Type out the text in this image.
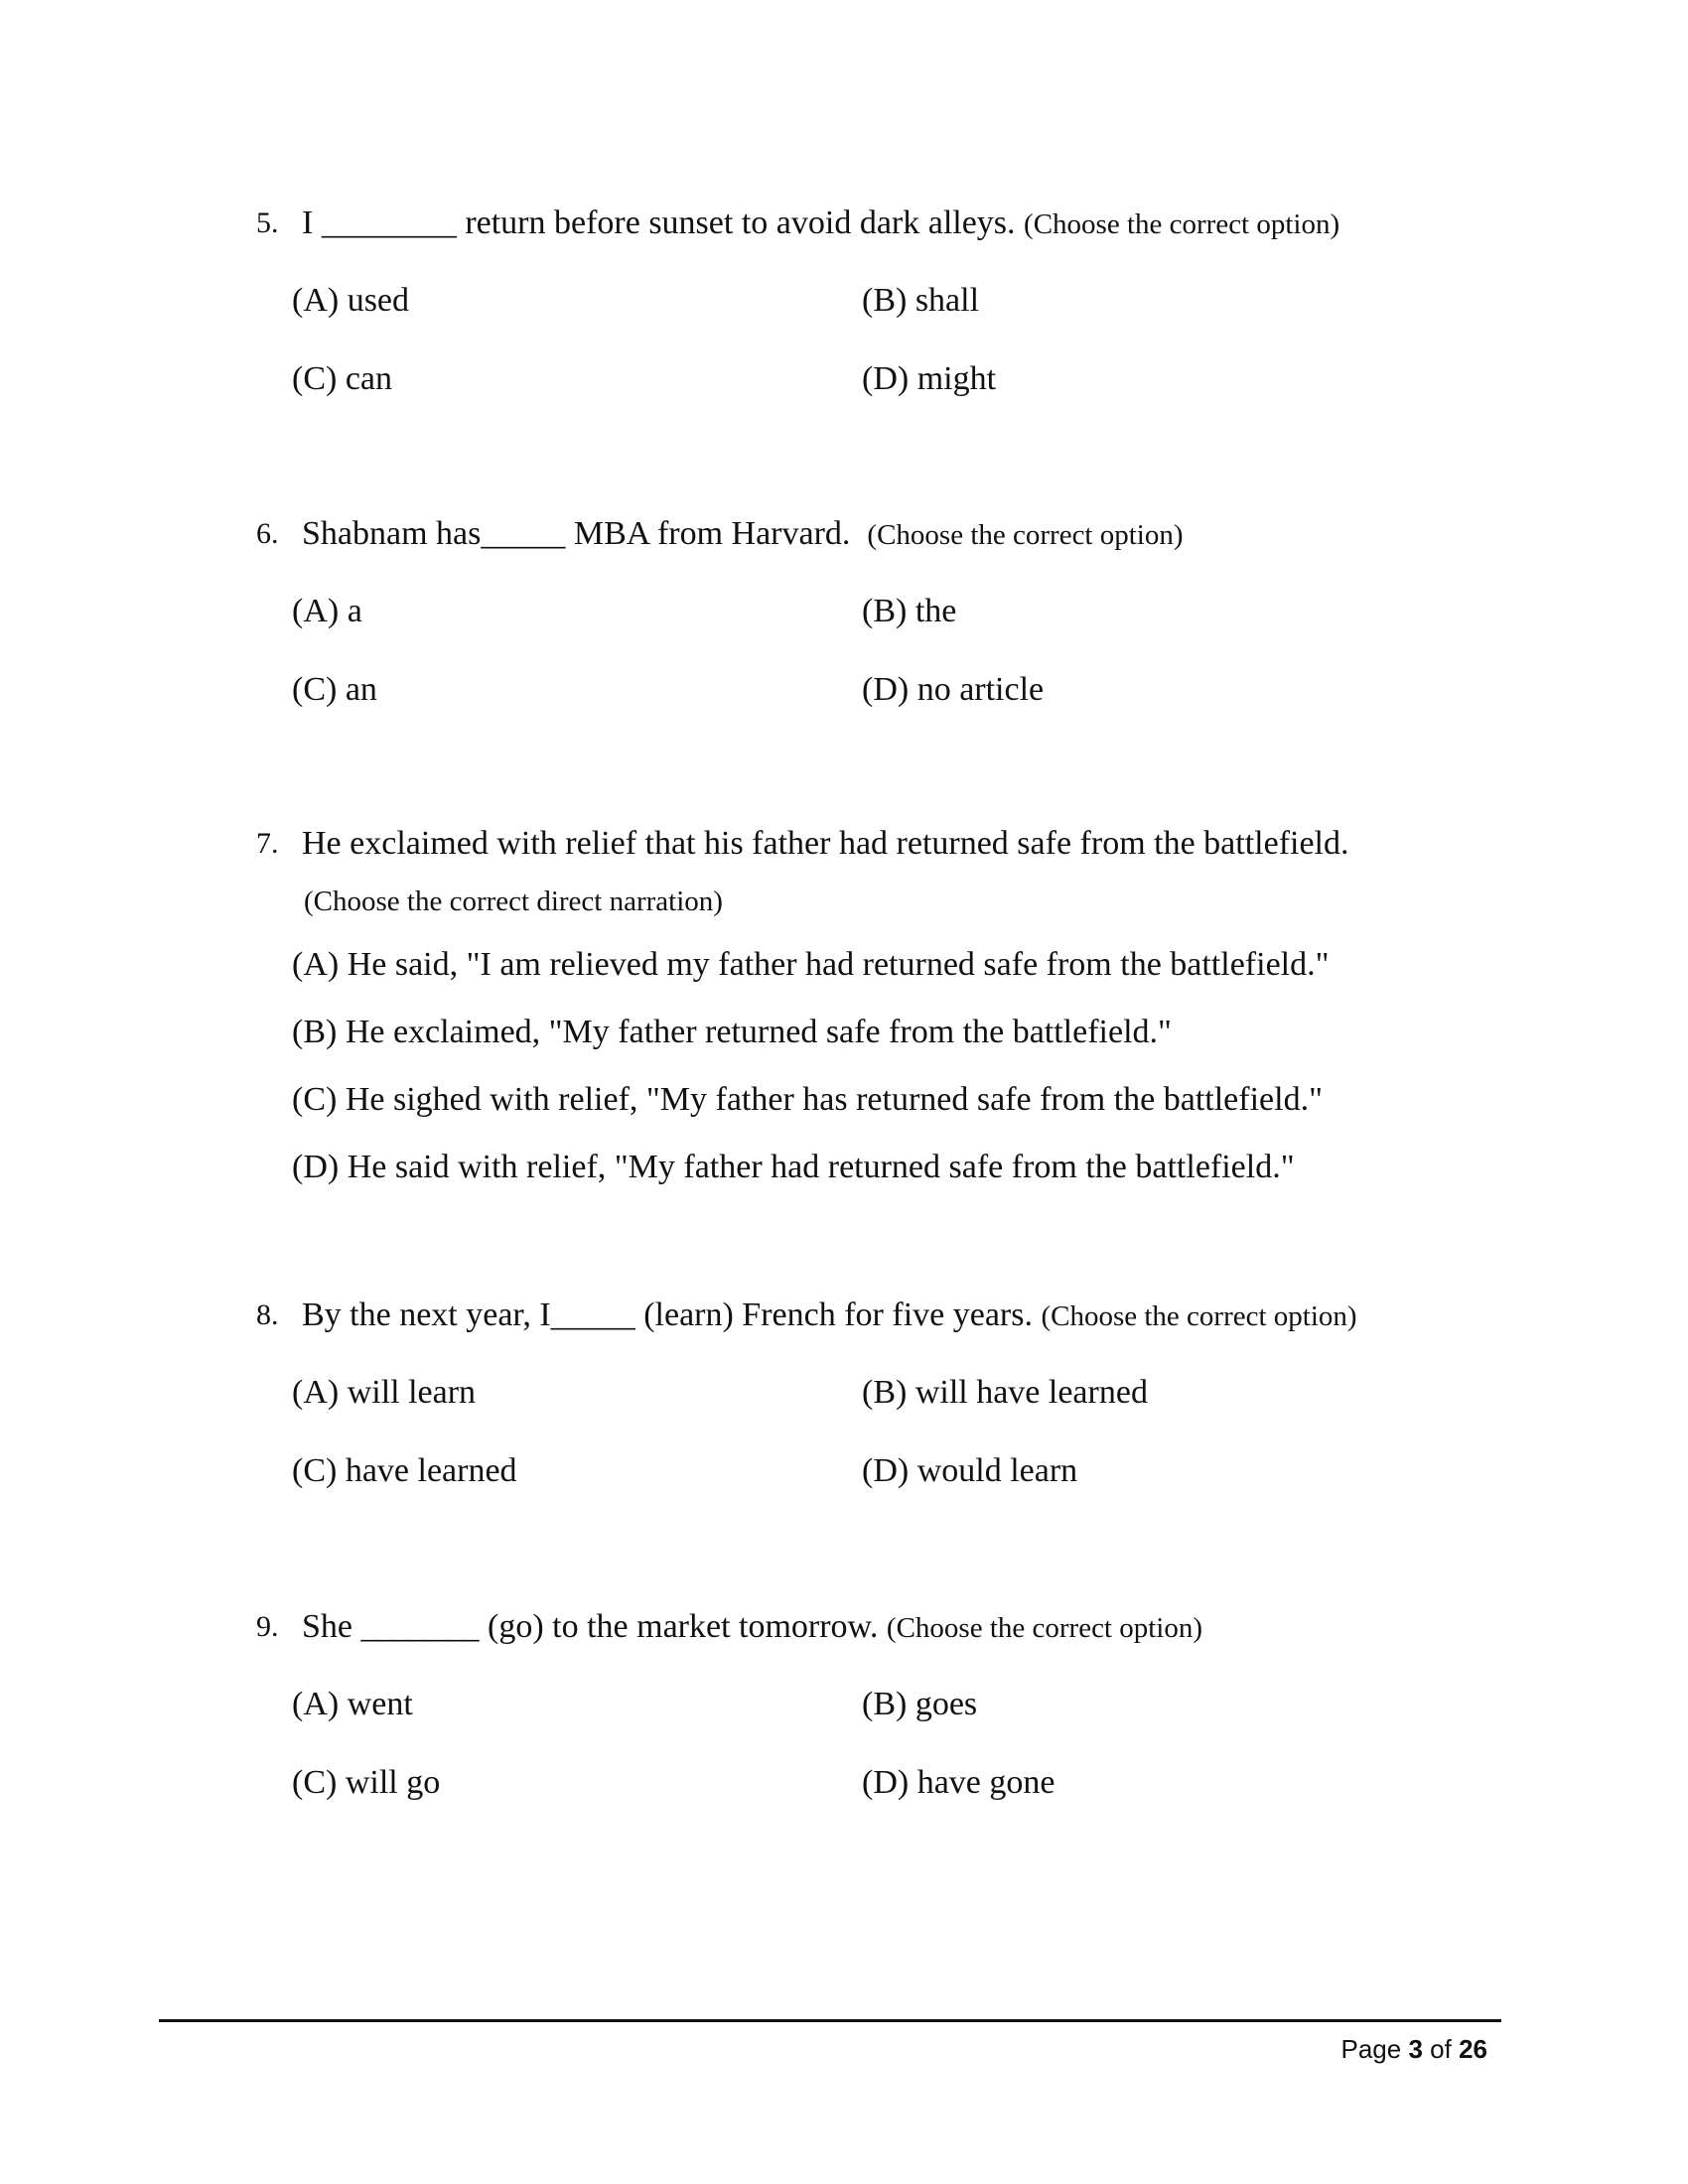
5. I ________ return before sunset to avoid dark alleys. (Choose the correct option)
(A) used	(B) shall
(C) can	(D) might
6. Shabnam has_____ MBA from Harvard. (Choose the correct option)
(A) a	(B) the
(C) an	(D) no article
7. He exclaimed with relief that his father had returned safe from the battlefield.
(Choose the correct direct narration)
(A) He said, "I am relieved my father had returned safe from the battlefield."
(B) He exclaimed, "My father returned safe from the battlefield."
(C) He sighed with relief, "My father has returned safe from the battlefield."
(D) He said with relief, "My father had returned safe from the battlefield."
8. By the next year, I_____ (learn) French for five years. (Choose the correct option)
(A) will learn	(B) will have learned
(C) have learned	(D) would learn
9. She _______ (go) to the market tomorrow. (Choose the correct option)
(A) went	(B) goes
(C) will go	(D) have gone
Page 3 of 26
